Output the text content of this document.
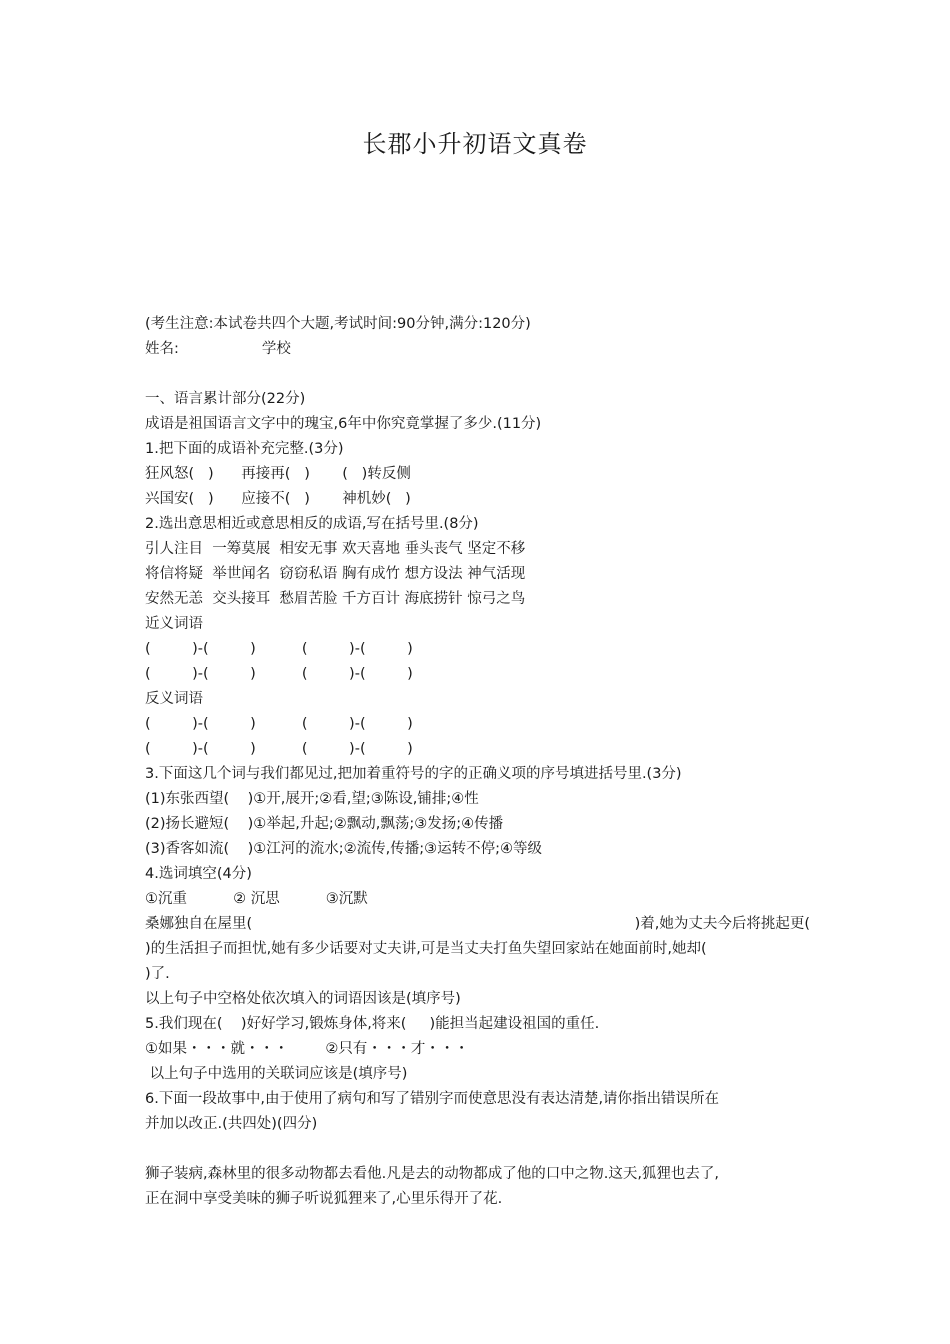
长郡小升初语文真卷
(考生注意:本试卷共四个大题,考试时间:90分钟,满分:120分)
姓名:                  学校
一、语言累计部分(22分)
成语是祖国语言文字中的瑰宝,6年中你究竟掌握了多少.(11分)
1.把下面的成语补充完整.(3分)
狂风怒(   )      再接再(   )       (   )转反侧
兴国安(   )      应接不(   )       神机妙(   )
2.选出意思相近或意思相反的成语,写在括号里.(8分)
引人注目  一筹莫展  相安无事 欢天喜地 垂头丧气 坚定不移
将信将疑  举世闻名  窃窃私语 胸有成竹 想方设法 神气活现
安然无恙  交头接耳  愁眉苦脸 千方百计 海底捞针 惊弓之鸟
近义词语
(         )-(         )          (         )-(         )
(         )-(         )          (         )-(         )
反义词语
(         )-(         )          (         )-(         )
(         )-(         )          (         )-(         )
3.下面这几个词与我们都见过,把加着重符号的字的正确义项的序号填进括号里.(3分)
(1)东张西望(    )①开,展开;②看,望;③陈设,铺排;④性
(2)扬长避短(    )①举起,升起;②飘动,飘荡;③发扬;④传播
(3)香客如流(    )①江河的流水;②流传,传播;③运转不停;④等级
4.选词填空(4分)
①沉重          ② 沉思          ③沉默
桑娜独自在屋里(	)着,她为丈夫今后将挑起更(
)的生活担子而担忧,她有多少话要对丈夫讲,可是当丈夫打鱼失望回家站在她面前时,她却(
)了.
以上句子中空格处依次填入的词语因该是(填序号)
5.我们现在(    )好好学习,锻炼身体,将来(     )能担当起建设祖国的重任.
①如果・・・就・・・        ②只有・・・才・・・
以上句子中选用的关联词应该是(填序号)
6.下面一段故事中,由于使用了病句和写了错别字而使意思没有表达清楚,请你指出错误所在
并加以改正.(共四处)(四分)
狮子装病,森林里的很多动物都去看他.凡是去的动物都成了他的口中之物.这天,狐狸也去了,
正在洞中享受美味的狮子听说狐狸来了,心里乐得开了花.
